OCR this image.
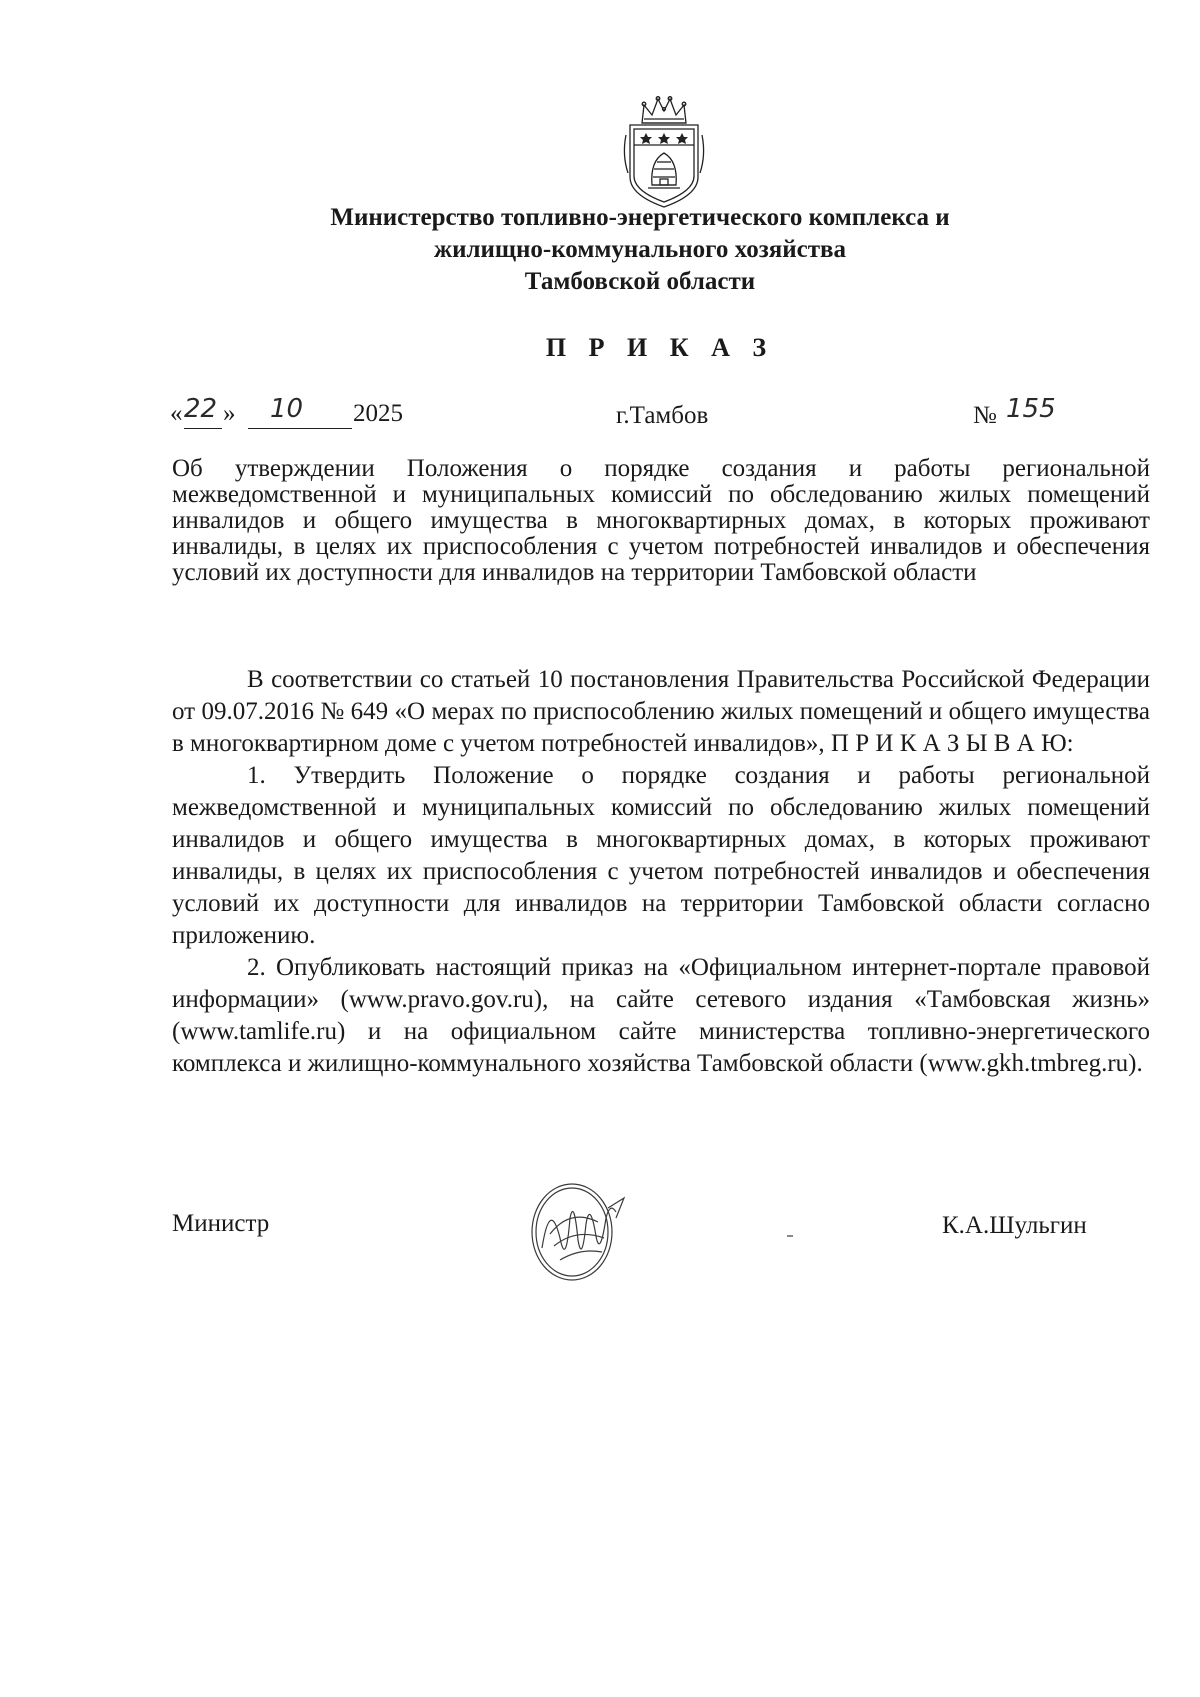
Министерство топливно-энергетического комплекса и
жилищно-коммунального хозяйства
Тамбовской области
П Р И К А З
« 22 » 10 2025	г.Тамбов	№ 155
Об утверждении Положения о порядке создания и работы региональной межведомственной и муниципальных комиссий по обследованию жилых помещений инвалидов и общего имущества в многоквартирных домах, в которых проживают инвалиды, в целях их приспособления с учетом потребностей инвалидов и обеспечения условий их доступности для инвалидов на территории Тамбовской области

В соответствии со статьей 10 постановления Правительства Российской Федерации от 09.07.2016 № 649 «О мерах по приспособлению жилых помещений и общего имущества в многоквартирном доме с учетом потребностей инвалидов», П Р И К А З Ы В А Ю:

1. Утвердить Положение о порядке создания и работы региональной межведомственной и муниципальных комиссий по обследованию жилых помещений инвалидов и общего имущества в многоквартирных домах, в которых проживают инвалиды, в целях их приспособления с учетом потребностей инвалидов и обеспечения условий их доступности для инвалидов на территории Тамбовской области согласно приложению.

2. Опубликовать настоящий приказ на «Официальном интернет-портале правовой информации» (www.pravo.gov.ru), на сайте сетевого издания «Тамбовская жизнь» (www.tamlife.ru) и на официальном сайте министерства топливно-энергетического комплекса и жилищно-коммунального хозяйства Тамбовской области (www.gkh.tmbreg.ru).

Министр	К.А.Шульгин
